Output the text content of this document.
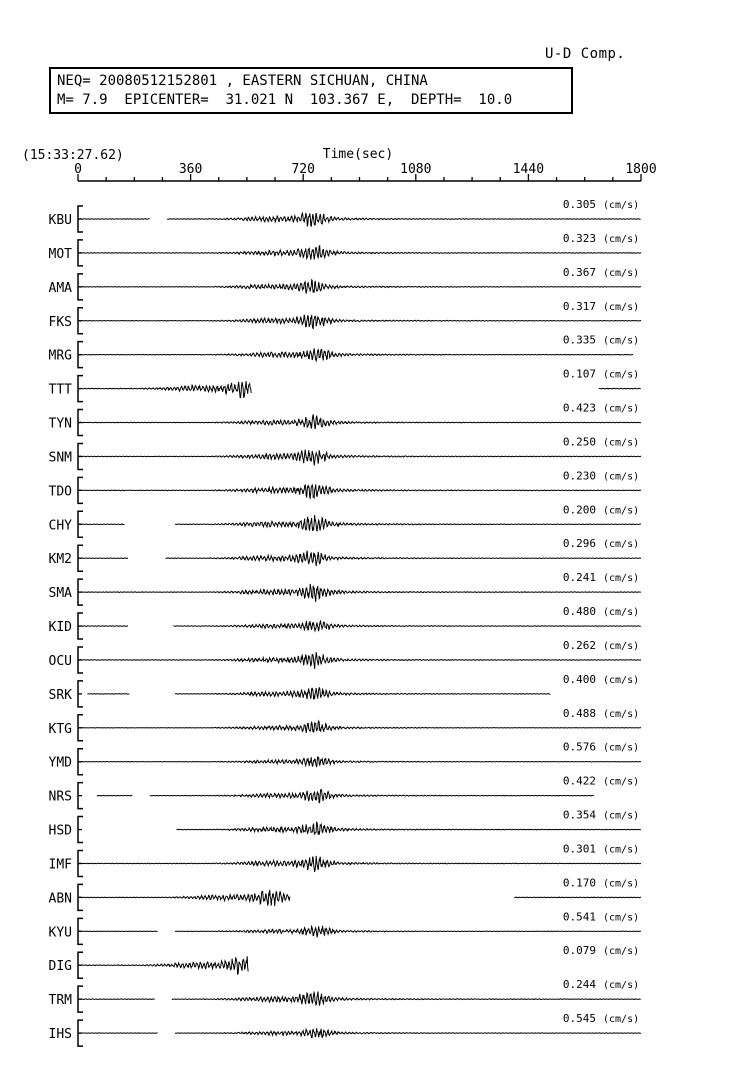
U-D Comp.
NEQ= 20080512152801 , EASTERN SICHUAN, CHINA
M= 7.9  EPICENTER=  31.021 N  103.367 E,  DEPTH=  10.0
(15:33:27.62)	Time(sec)
0	360	720	1080	1440	1800
KBU
0.305 (cm/s)
MOT
0.323 (cm/s)
AMA
0.367 (cm/s)
FKS
0.317 (cm/s)
MRG
0.335 (cm/s)
TTT
0.107 (cm/s)
TYN
0.423 (cm/s)
SNM
0.250 (cm/s)
TDO
0.230 (cm/s)
CHY
0.200 (cm/s)
KM2
0.296 (cm/s)
SMA
0.241 (cm/s)
KID
0.480 (cm/s)
OCU
0.262 (cm/s)
SRK
0.400 (cm/s)
KTG
0.488 (cm/s)
YMD
0.576 (cm/s)
NRS
0.422 (cm/s)
HSD
0.354 (cm/s)
IMF
0.301 (cm/s)
ABN
0.170 (cm/s)
KYU
0.541 (cm/s)
DIG
0.079 (cm/s)
TRM
0.244 (cm/s)
IHS
0.545 (cm/s)
